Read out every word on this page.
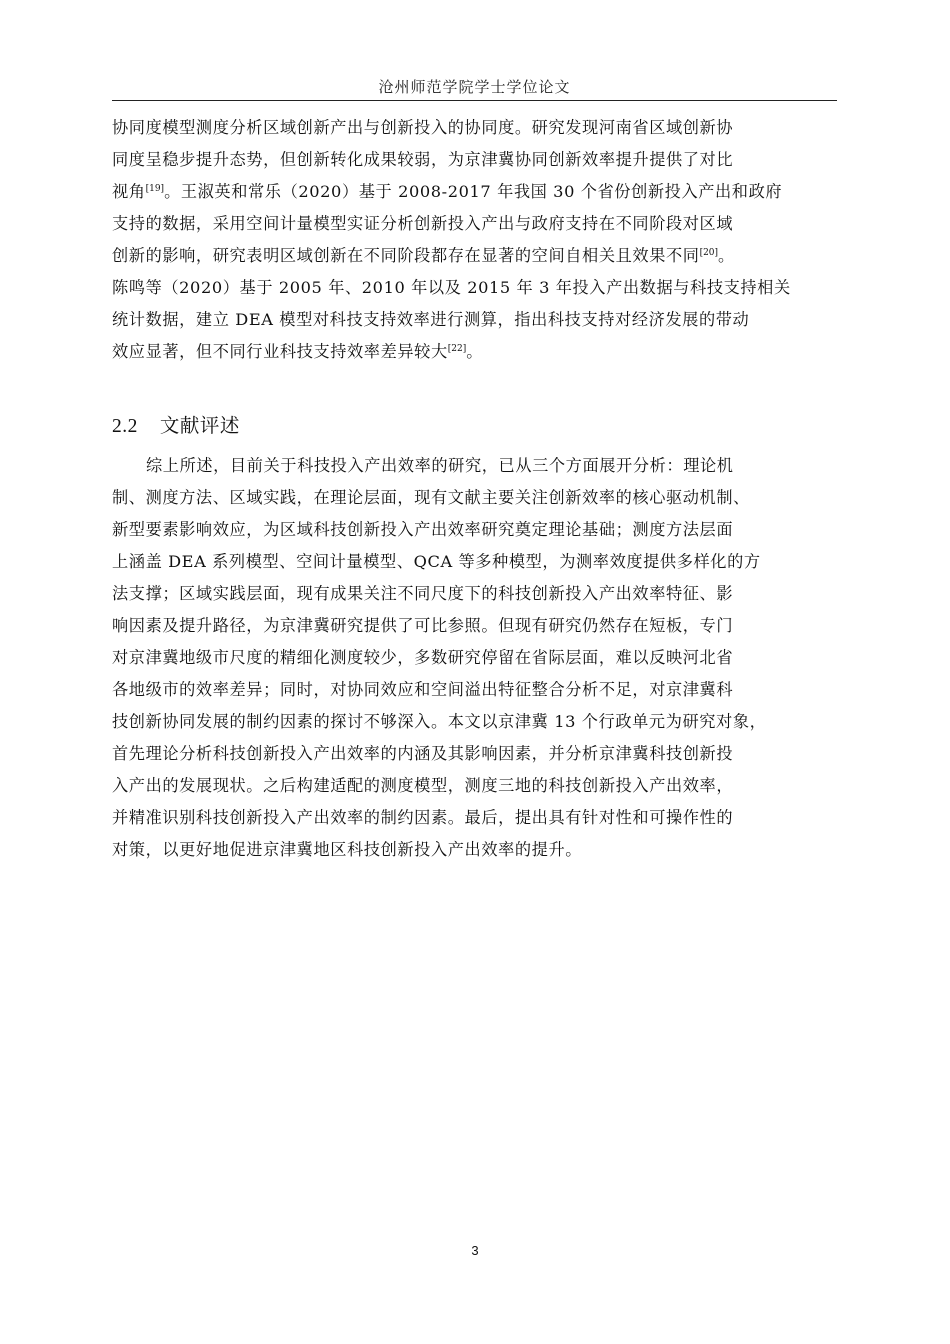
沧州师范学院学士学位论文
协同度模型测度分析区域创新产出与创新投入的协同度。研究发现河南省区域创新协
同度呈稳步提升态势，但创新转化成果较弱，为京津冀协同创新效率提升提供了对比
视角[19]。王淑英和常乐（2020）基于 2008-2017 年我国 30 个省份创新投入产出和政府
支持的数据，采用空间计量模型实证分析创新投入产出与政府支持在不同阶段对区域
创新的影响，研究表明区域创新在不同阶段都存在显著的空间自相关且效果不同[20]。
陈鸣等（2020）基于 2005 年、2010 年以及 2015 年 3 年投入产出数据与科技支持相关
统计数据，建立 DEA 模型对科技支持效率进行测算，指出科技支持对经济发展的带动
效应显著，但不同行业科技支持效率差异较大[22]。
2.2 文献评述
综上所述，目前关于科技投入产出效率的研究，已从三个方面展开分析：理论机
制、测度方法、区域实践，在理论层面，现有文献主要关注创新效率的核心驱动机制、
新型要素影响效应，为区域科技创新投入产出效率研究奠定理论基础；测度方法层面
上涵盖 DEA 系列模型、空间计量模型、QCA 等多种模型，为测率效度提供多样化的方
法支撑；区域实践层面，现有成果关注不同尺度下的科技创新投入产出效率特征、影
响因素及提升路径，为京津冀研究提供了可比参照。但现有研究仍然存在短板，专门
对京津冀地级市尺度的精细化测度较少，多数研究停留在省际层面，难以反映河北省
各地级市的效率差异；同时，对协同效应和空间溢出特征整合分析不足，对京津冀科
技创新协同发展的制约因素的探讨不够深入。本文以京津冀 13 个行政单元为研究对象，
首先理论分析科技创新投入产出效率的内涵及其影响因素，并分析京津冀科技创新投
入产出的发展现状。之后构建适配的测度模型，测度三地的科技创新投入产出效率，
并精准识别科技创新投入产出效率的制约因素。最后，提出具有针对性和可操作性的
对策，以更好地促进京津冀地区科技创新投入产出效率的提升。
3
